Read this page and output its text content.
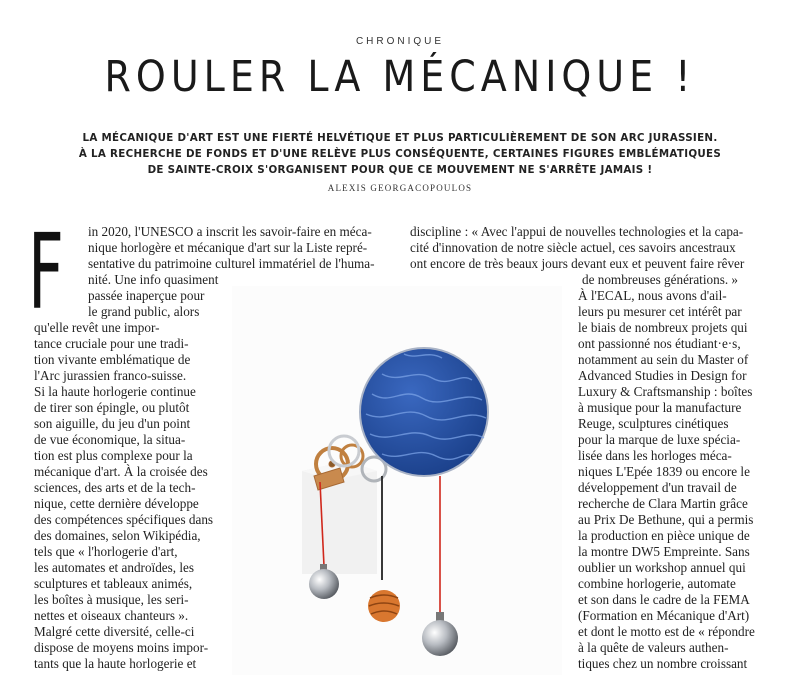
CHRONIQUE
ROULER LA MÉCANIQUE !
LA MÉCANIQUE D'ART EST UNE FIERTÉ HELVÉTIQUE ET PLUS PARTICULIÈREMENT DE SON ARC JURASSIEN.
À LA RECHERCHE DE FONDS ET D'UNE RELÈVE PLUS CONSÉQUENTE, CERTAINES FIGURES EMBLÉMATIQUES
DE SAINTE-CROIX S'ORGANISENT POUR QUE CE MOUVEMENT NE S'ARRÊTE JAMAIS !
ALEXIS GEORGACOPOULOS
F in 2020, l'UNESCO a inscrit les savoir-faire en méca-
nique horlogère et mécanique d'art sur la Liste repré-
sentative du patrimoine culturel immatériel de l'huma-
nité. Une info quasiment
passée inaperçue pour
le grand public, alors
qu'elle revêt une impor-
tance cruciale pour une tradi-
tion vivante emblématique de
l'Arc jurassien franco-suisse.
Si la haute horlogerie continue
de tirer son épingle, ou plutôt
son aiguille, du jeu d'un point
de vue économique, la situa-
tion est plus complexe pour la
mécanique d'art. À la croisée des
sciences, des arts et de la tech-
nique, cette dernière développe
des compétences spécifiques dans
des domaines, selon Wikipédia,
tels que « l'horlogerie d'art,
les automates et androïdes, les
sculptures et tableaux animés,
les boîtes à musique, les seri-
nettes et oiseaux chanteurs ».
Malgré cette diversité, celle-ci
dispose de moyens moins impor-
tants que la haute horlogerie et
discipline : « Avec l'appui de nouvelles technologies et la capa-
cité d'innovation de notre siècle actuel, ces savoirs ancestraux
ont encore de très beaux jours devant eux et peuvent faire rêver
de nombreuses générations. »
À l'ECAL, nous avons d'ail-
leurs pu mesurer cet intérêt par
le biais de nombreux projets qui
ont passionné nos étudiant·e·s,
notamment au sein du Master of
Advanced Studies in Design for
Luxury & Craftsmanship : boîtes
à musique pour la manufacture
Reuge, sculptures cinétiques
pour la marque de luxe spécia-
lisée dans les horloges méca-
niques L'Epée 1839 ou encore le
développement d'un travail de
recherche de Clara Martin grâce
au Prix De Bethune, qui a permis
la production en pièce unique de
la montre DW5 Empreinte. Sans
oublier un workshop annuel qui
combine horlogerie, automate
et son dans le cadre de la FEMA
(Formation en Mécanique d'Art)
et dont le motto est de « répondre
à la quête de valeurs authen-
tiques chez un nombre croissant
